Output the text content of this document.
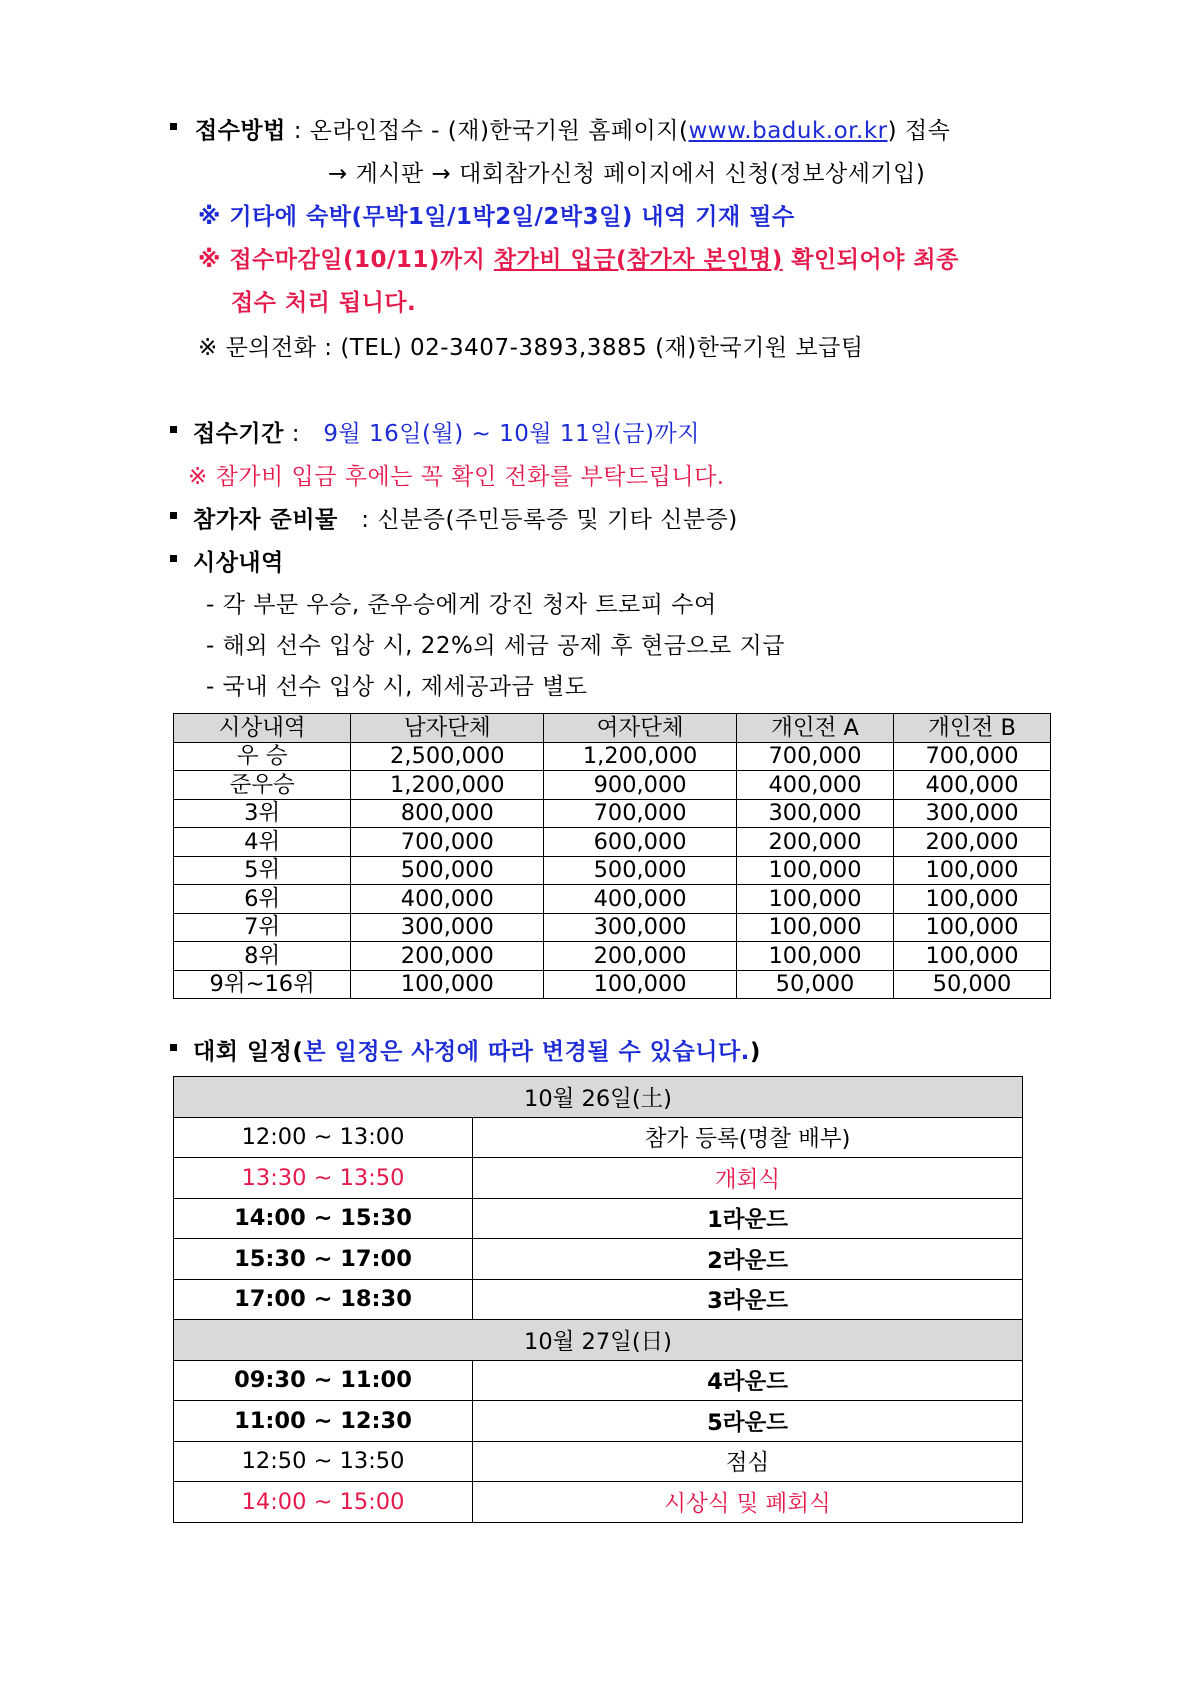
접수방법 : 온라인접수 - (재)한국기원 홈페이지(www.baduk.or.kr) 접속
→ 게시판 → 대회참가신청 페이지에서 신청(정보상세기입)
※ 기타에 숙박(무박1일/1박2일/2박3일) 내역 기재 필수
※ 접수마감일(10/11)까지 참가비 입금(참가자 본인명) 확인되어야 최종
접수 처리 됩니다.
※ 문의전화 : (TEL) 02-3407-3893,3885 (재)한국기원 보급팀
접수기간 :   9월 16일(월) ~ 10월 11일(금)까지
※ 참가비 입금 후에는 꼭 확인 전화를 부탁드립니다.
참가자 준비물 : 신분증(주민등록증 및 기타 신분증)
시상내역
- 각 부문 우승, 준우승에게 강진 청자 트로피 수여
- 해외 선수 입상 시, 22%의 세금 공제 후 현금으로 지급
- 국내 선수 입상 시, 제세공과금 별도
시상내역	남자단체	여자단체	개인전 A	개인전 B
우 승	2,500,000	1,200,000	700,000	700,000
준우승	1,200,000	900,000	400,000	400,000
3위	800,000	700,000	300,000	300,000
4위	700,000	600,000	200,000	200,000
5위	500,000	500,000	100,000	100,000
6위	400,000	400,000	100,000	100,000
7위	300,000	300,000	100,000	100,000
8위	200,000	200,000	100,000	100,000
9위~16위	100,000	100,000	50,000	50,000
대회 일정(본 일정은 사정에 따라 변경될 수 있습니다.)
10월 26일(土)	
12:00 ~ 13:00	참가 등록(명찰 배부)
13:30 ~ 13:50	개회식
14:00 ~ 15:30	1라운드
15:30 ~ 17:00	2라운드
17:00 ~ 18:30	3라운드
10월 27일(日)	
09:30 ~ 11:00	4라운드
11:00 ~ 12:30	5라운드
12:50 ~ 13:50	점심
14:00 ~ 15:00	시상식 및 폐회식
